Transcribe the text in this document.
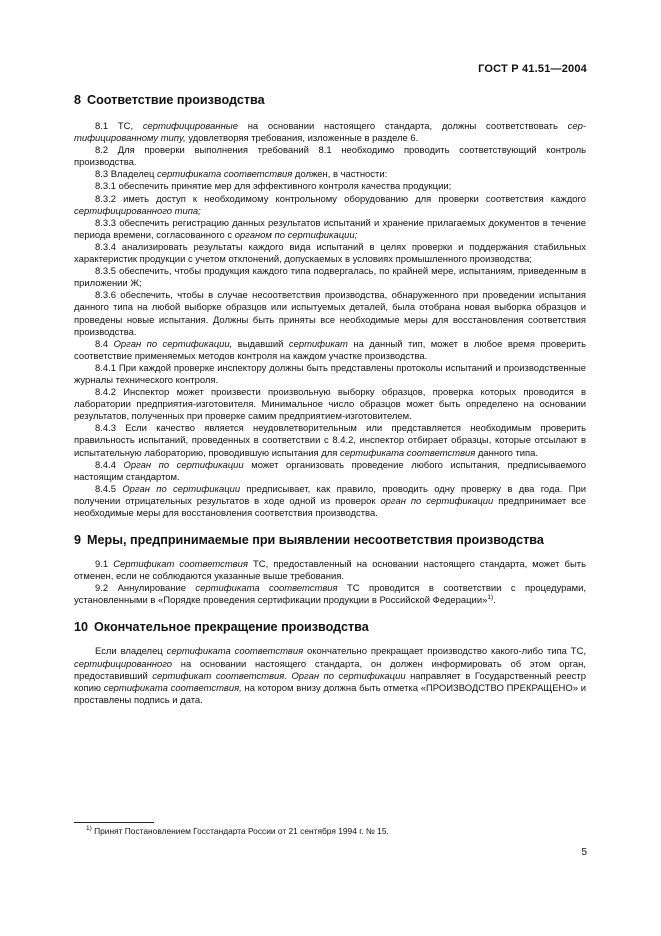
ГОСТ Р 41.51—2004
8 Соответствие производства

8.1 ТС, сертифицированные на основании настоящего стандарта, должны соответствовать сертифицированному типу, удовлетворяя требования, изложенные в разделе 6.

8.2 Для проверки выполнения требований 8.1 необходимо проводить соответствующий контроль производства.

8.3 Владелец сертификата соответствия должен, в частности:

8.3.1 обеспечить принятие мер для эффективного контроля качества продукции;

8.3.2 иметь доступ к необходимому контрольному оборудованию для проверки соответствия каждого сертифицированного типа;

8.3.3 обеспечить регистрацию данных результатов испытаний и хранение прилагаемых документов в течение периода времени, согласованного с органом по сертификации;

8.3.4 анализировать результаты каждого вида испытаний в целях проверки и поддержания стабильных характеристик продукции с учетом отклонений, допускаемых в условиях промышленного производства;

8.3.5 обеспечить, чтобы продукция каждого типа подвергалась, по крайней мере, испытаниям, приведенным в приложении Ж;

8.3.6 обеспечить, чтобы в случае несоответствия производства, обнаруженного при проведении испытания данного типа на любой выборке образцов или испытуемых деталей, была отобрана новая выборка образцов и проведены новые испытания. Должны быть приняты все необходимые меры для восстановления соответствия производства.

8.4 Орган по сертификации, выдавший сертификат на данный тип, может в любое время проверить соответствие применяемых методов контроля на каждом участке производства.

8.4.1 При каждой проверке инспектору должны быть представлены протоколы испытаний и производственные журналы технического контроля.

8.4.2 Инспектор может произвести произвольную выборку образцов, проверка которых проводится в лаборатории предприятия-изготовителя. Минимальное число образцов может быть определено на основании результатов, полученных при проверке самим предприятием-изготовителем.

8.4.3 Если качество является неудовлетворительным или представляется необходимым проверить правильность испытаний, проведенных в соответствии с 8.4.2, инспектор отбирает образцы, которые отсылают в испытательную лабораторию, проводившую испытания для сертификата соответствия данного типа.

8.4.4 Орган по сертификации может организовать проведение любого испытания, предписываемого настоящим стандартом.

8.4.5 Орган по сертификации предписывает, как правило, проводить одну проверку в два года. При получении отрицательных результатов в ходе одной из проверок орган по сертификации предпринимает все необходимые меры для восстановления соответствия производства.

9 Меры, предпринимаемые при выявлении несоответствия производства

9.1 Сертификат соответствия ТС, предоставленный на основании настоящего стандарта, может быть отменен, если не соблюдаются указанные выше требования.

9.2 Аннулирование сертификата соответствия ТС проводится в соответствии с процедурами, установленными в «Порядке проведения сертификации продукции в Российской Федерации»$^{1)}$.

10 Окончательное прекращение производства

Если владелец сертификата соответствия окончательно прекращает производство какого-либо типа ТС, сертифицированного на основании настоящего стандарта, он должен информировать об этом орган, предоставивший сертификат соответствия. Орган по сертификации направляет в Государственный реестр копию сертификата соответствия, на котором внизу должна быть отметка «ПРОИЗВОДСТВО ПРЕКРАЩЕНО» и проставлены подпись и дата.

$^{1)}$ Принят Постановлением Госстандарта России от 21 сентября 1994 г. № 15.
5
